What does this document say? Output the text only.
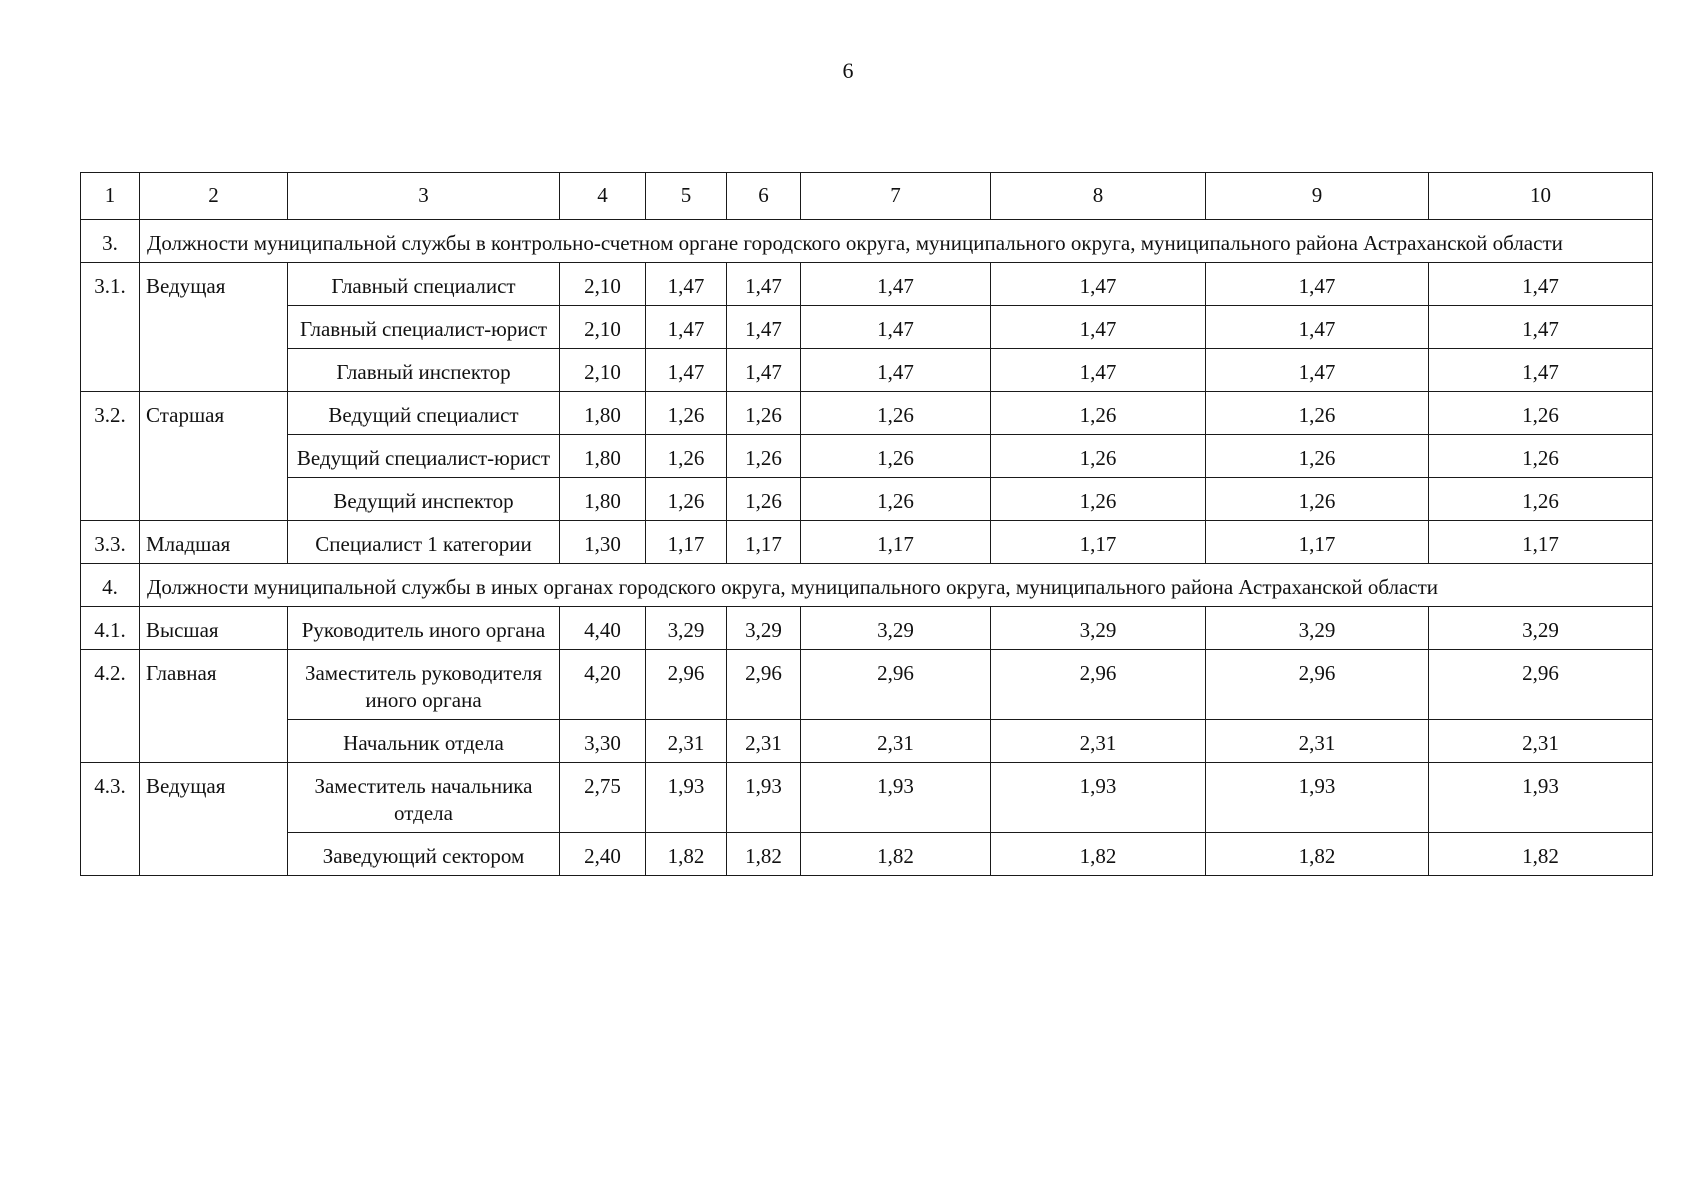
6
1	2	3	4	5	6	7	8	9	10
3.	Должности муниципальной службы в контрольно-счетном органе городского округа, муниципального округа, муниципального района Астраханской области								
3.1.	Ведущая	Главный специалист	2,10	1,47	1,47	1,47	1,47	1,47	1,47
		Главный специалист-юрист	2,10	1,47	1,47	1,47	1,47	1,47	1,47
		Главный инспектор	2,10	1,47	1,47	1,47	1,47	1,47	1,47
3.2.	Старшая	Ведущий специалист	1,80	1,26	1,26	1,26	1,26	1,26	1,26
		Ведущий специалист-юрист	1,80	1,26	1,26	1,26	1,26	1,26	1,26
		Ведущий инспектор	1,80	1,26	1,26	1,26	1,26	1,26	1,26
3.3.	Младшая	Специалист 1 категории	1,30	1,17	1,17	1,17	1,17	1,17	1,17
4.	Должности муниципальной службы в иных органах городского округа, муниципального округа, муниципального района Астраханской области								
4.1.	Высшая	Руководитель иного органа	4,40	3,29	3,29	3,29	3,29	3,29	3,29
4.2.	Главная	Заместитель руководителя иного органа	4,20	2,96	2,96	2,96	2,96	2,96	2,96
		Начальник отдела	3,30	2,31	2,31	2,31	2,31	2,31	2,31
4.3.	Ведущая	Заместитель начальника отдела	2,75	1,93	1,93	1,93	1,93	1,93	1,93
		Заведующий сектором	2,40	1,82	1,82	1,82	1,82	1,82	1,82
